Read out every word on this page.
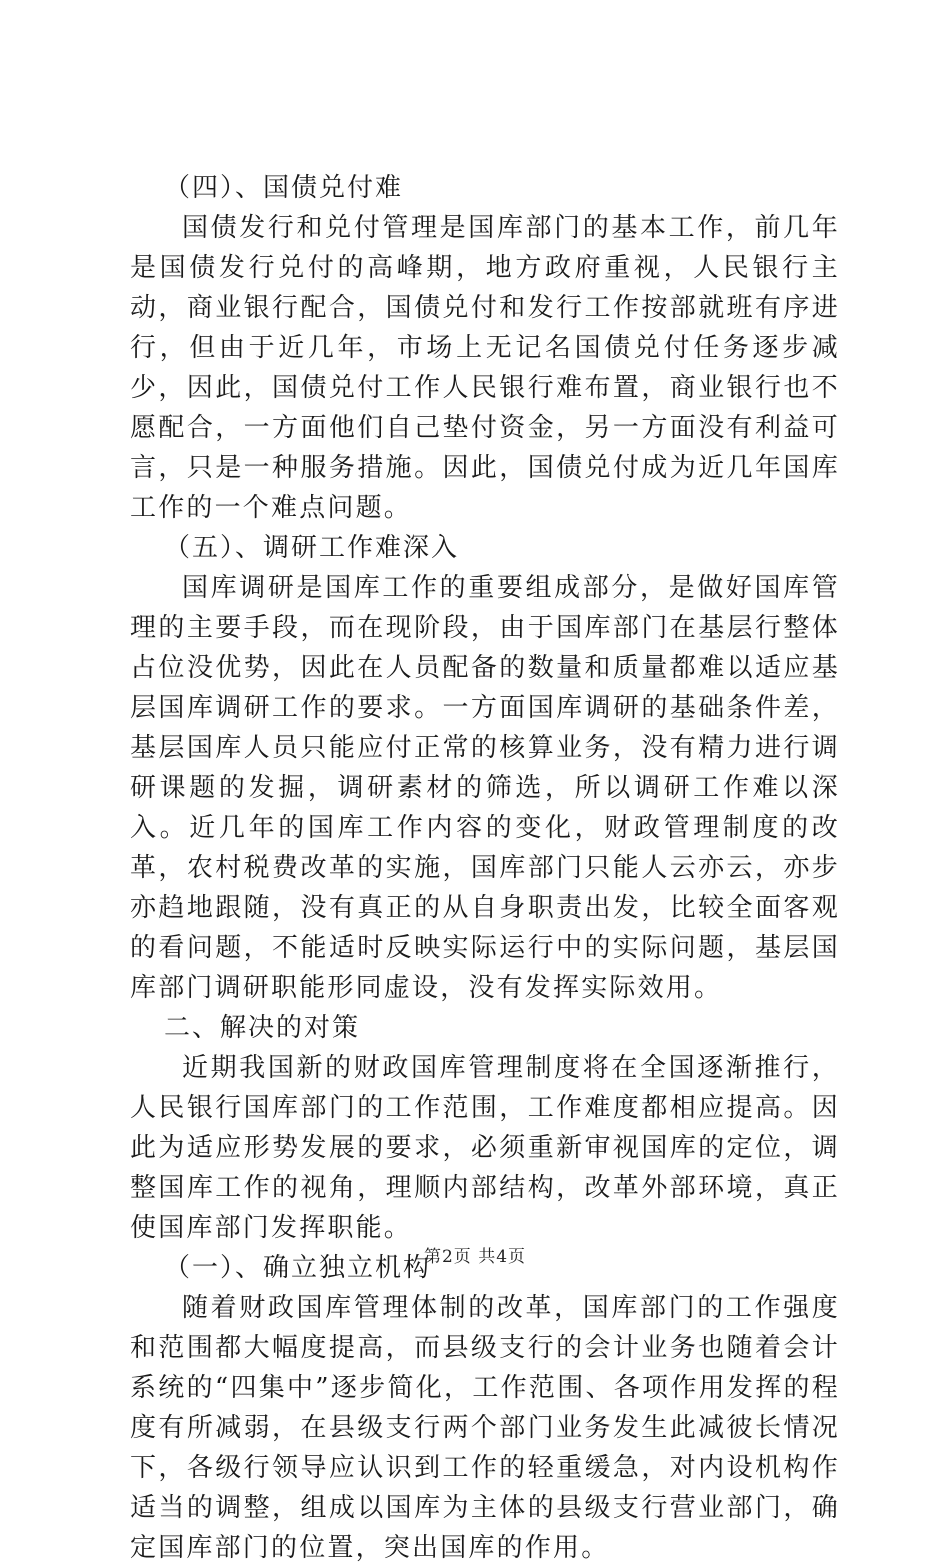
（四）、国债兑付难

国债发行和兑付管理是国库部门的基本工作，前几年是国债发行兑付的高峰期，地方政府重视，人民银行主动，商业银行配合，国债兑付和发行工作按部就班有序进行，但由于近几年，市场上无记名国债兑付任务逐步减少，因此，国债兑付工作人民银行难布置，商业银行也不愿配合，一方面他们自己垫付资金，另一方面没有利益可言，只是一种服务措施。因此，国债兑付成为近几年国库工作的一个难点问题。

（五）、调研工作难深入

国库调研是国库工作的重要组成部分，是做好国库管理的主要手段，而在现阶段，由于国库部门在基层行整体占位没优势，因此在人员配备的数量和质量都难以适应基层国库调研工作的要求。一方面国库调研的基础条件差，基层国库人员只能应付正常的核算业务，没有精力进行调研课题的发掘，调研素材的筛选，所以调研工作难以深入。近几年的国库工作内容的变化，财政管理制度的改革，农村税费改革的实施，国库部门只能人云亦云，亦步亦趋地跟随，没有真正的从自身职责出发，比较全面客观的看问题，不能适时反映实际运行中的实际问题，基层国库部门调研职能形同虚设，没有发挥实际效用。

二、解决的对策

近期我国新的财政国库管理制度将在全国逐渐推行，人民银行国库部门的工作范围，工作难度都相应提高。因此为适应形势发展的要求，必须重新审视国库的定位，调整国库工作的视角，理顺内部结构，改革外部环境，真正使国库部门发挥职能。

（一）、确立独立机构

随着财政国库管理体制的改革，国库部门的工作强度和范围都大幅度提高，而县级支行的会计业务也随着会计系统的“四集中”逐步简化，工作范围、各项作用发挥的程度有所减弱，在县级支行两个部门业务发生此减彼长情况下，各级行领导应认识到工作的轻重缓急，对内设机构作适当的调整，组成以国库为主体的县级支行营业部门，确定国库部门的位置，突出国库的作用。

第2页 共4页
